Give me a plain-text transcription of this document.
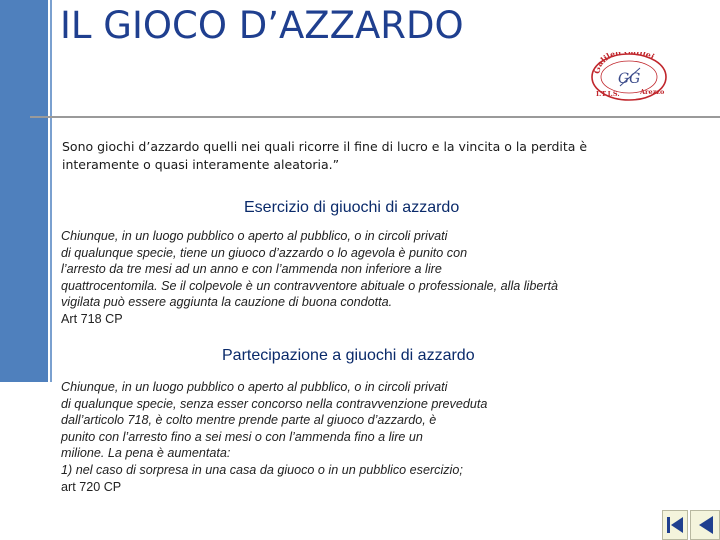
IL GIOCO D’AZZARDO
Galileo ilei
I.T.I.S.	Arezzo
GG
Sono giochi d’azzardo quelli nei quali ricorre il fine di lucro e la vincita o la perdita è
interamente o quasi interamente aleatoria.”
Esercizio di giuochi di azzardo
Chiunque, in un luogo pubblico o aperto al pubblico, o in circoli privati
di qualunque specie, tiene un giuoco d’azzardo o lo agevola è punito con
l’arresto da tre mesi ad un anno e con l’ammenda non inferiore a lire
quattrocentomila. Se il colpevole è un contravventore abituale o professionale, alla libertà
vigilata può essere aggiunta la cauzione di buona condotta.
Art 718 CP
Partecipazione a giuochi di azzardo
Chiunque, in un luogo pubblico o aperto al pubblico, o in circoli privati
di qualunque specie, senza esser concorso nella contravvenzione preveduta
dall’articolo 718, è colto mentre prende parte al giuoco d’azzardo, è
punito con l’arresto fino a sei mesi o con l’ammenda fino a lire un
milione. La pena è aumentata:
1) nel caso di sorpresa in una casa da giuoco o in un pubblico esercizio;
art 720 CP
